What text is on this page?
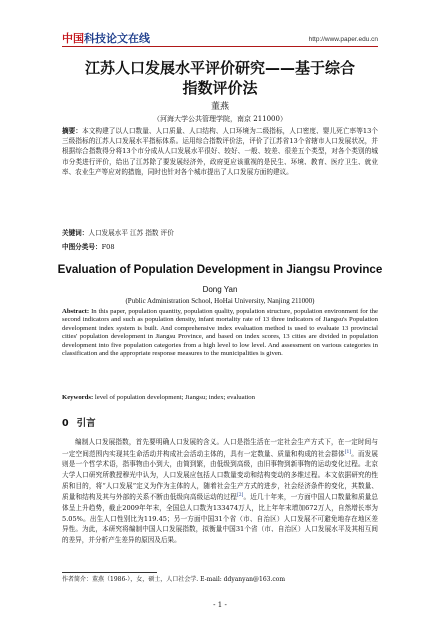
中国 科技论文在线	http://www.paper.edu.cn
江苏人口发展水平评价研究——基于综合
指数评价法
董燕
（河海大学公共管理学院，南京 211000）
摘要：本文构建了以人口数量、人口质量、人口结构、人口环境为二级指标，人口密度、婴儿死亡率等13个三级指标的江苏人口发展水平指标体系。运用综合指数评价法，评价了江苏省13个省辖市人口发展状况，并根据综合指数得分将13个市分成从人口发展水平很好、较好、一般、较差、很差五个类型，对各个类别的城市分类进行评价，给出了江苏除了要发展经济外，政府更应该重视的是民生、环境、教育、医疗卫生、就业率、农业生产等应对的措施，同时也针对各个城市提出了人口发展方面的建议。
关键词：人口发展水平 江苏 指数 评价
中图分类号：F08
Evaluation of Population Development in Jiangsu Province
Dong Yan
(Public Administration School, HoHai University, Nanjing 211000)
Abstract: In this paper, population quantity, population quality, population structure, population environment for the second indicators and such as population density, infant mortality rate of 13 three indicators of Jiangsu's Population development index system is built. And comprehensive index evaluation method is used to evaluate 13 provincial cities' population development in Jiangsu Province, and based on index scores, 13 cities are divided in population development into five population categories from a high level to low level. And assessment on various categories in classification and the appropriate response measures to the municipalities is given.
Keywords: level of population development; Jiangsu; index; evaluation
0 引言
编制人口发展指数，首先要明确人口发展的含义。人口是指生活在一定社会生产方式下，在一定时间与一定空间范围内实现其生命活动并构成社会活动主体的，具有一定数量、质量和构成的社会群体[1]。而发展则是一个哲学术语，指事物由小到大，由简到繁，由低级到高级，由旧事物到新事物的运动变化过程。北京大学人口研究所教授穆光中认为，人口发展应包括人口数量变动和结构变动的多维过程。本文依据研究的性质和目的，将“人口发展”定义为作为主体的人，随着社会生产方式的进步，社会经济条件的变化，其数量、质量和结构及其与外部的关系不断由低级向高级运动的过程[2]。近几十年来，一方面中国人口数量和质量总体呈上升趋势，截止2009年年末，全国总人口数为133474万人，比上年年末增加672万人，自然增长率为5.05%。出生人口性别比为119.45；另一方面中国31个省（市、自治区）人口发展不可避免地存在地区差异性。为此，本研究将编制中国人口发展指数，拟衡量中国31个省（市、自治区）人口发展水平及其相互间的差异，并分析产生差异的原因及后果。
作者简介：董燕（1986-），女，硕士，人口社会学. E-mail: ddyanyan@163.com
- 1 -
